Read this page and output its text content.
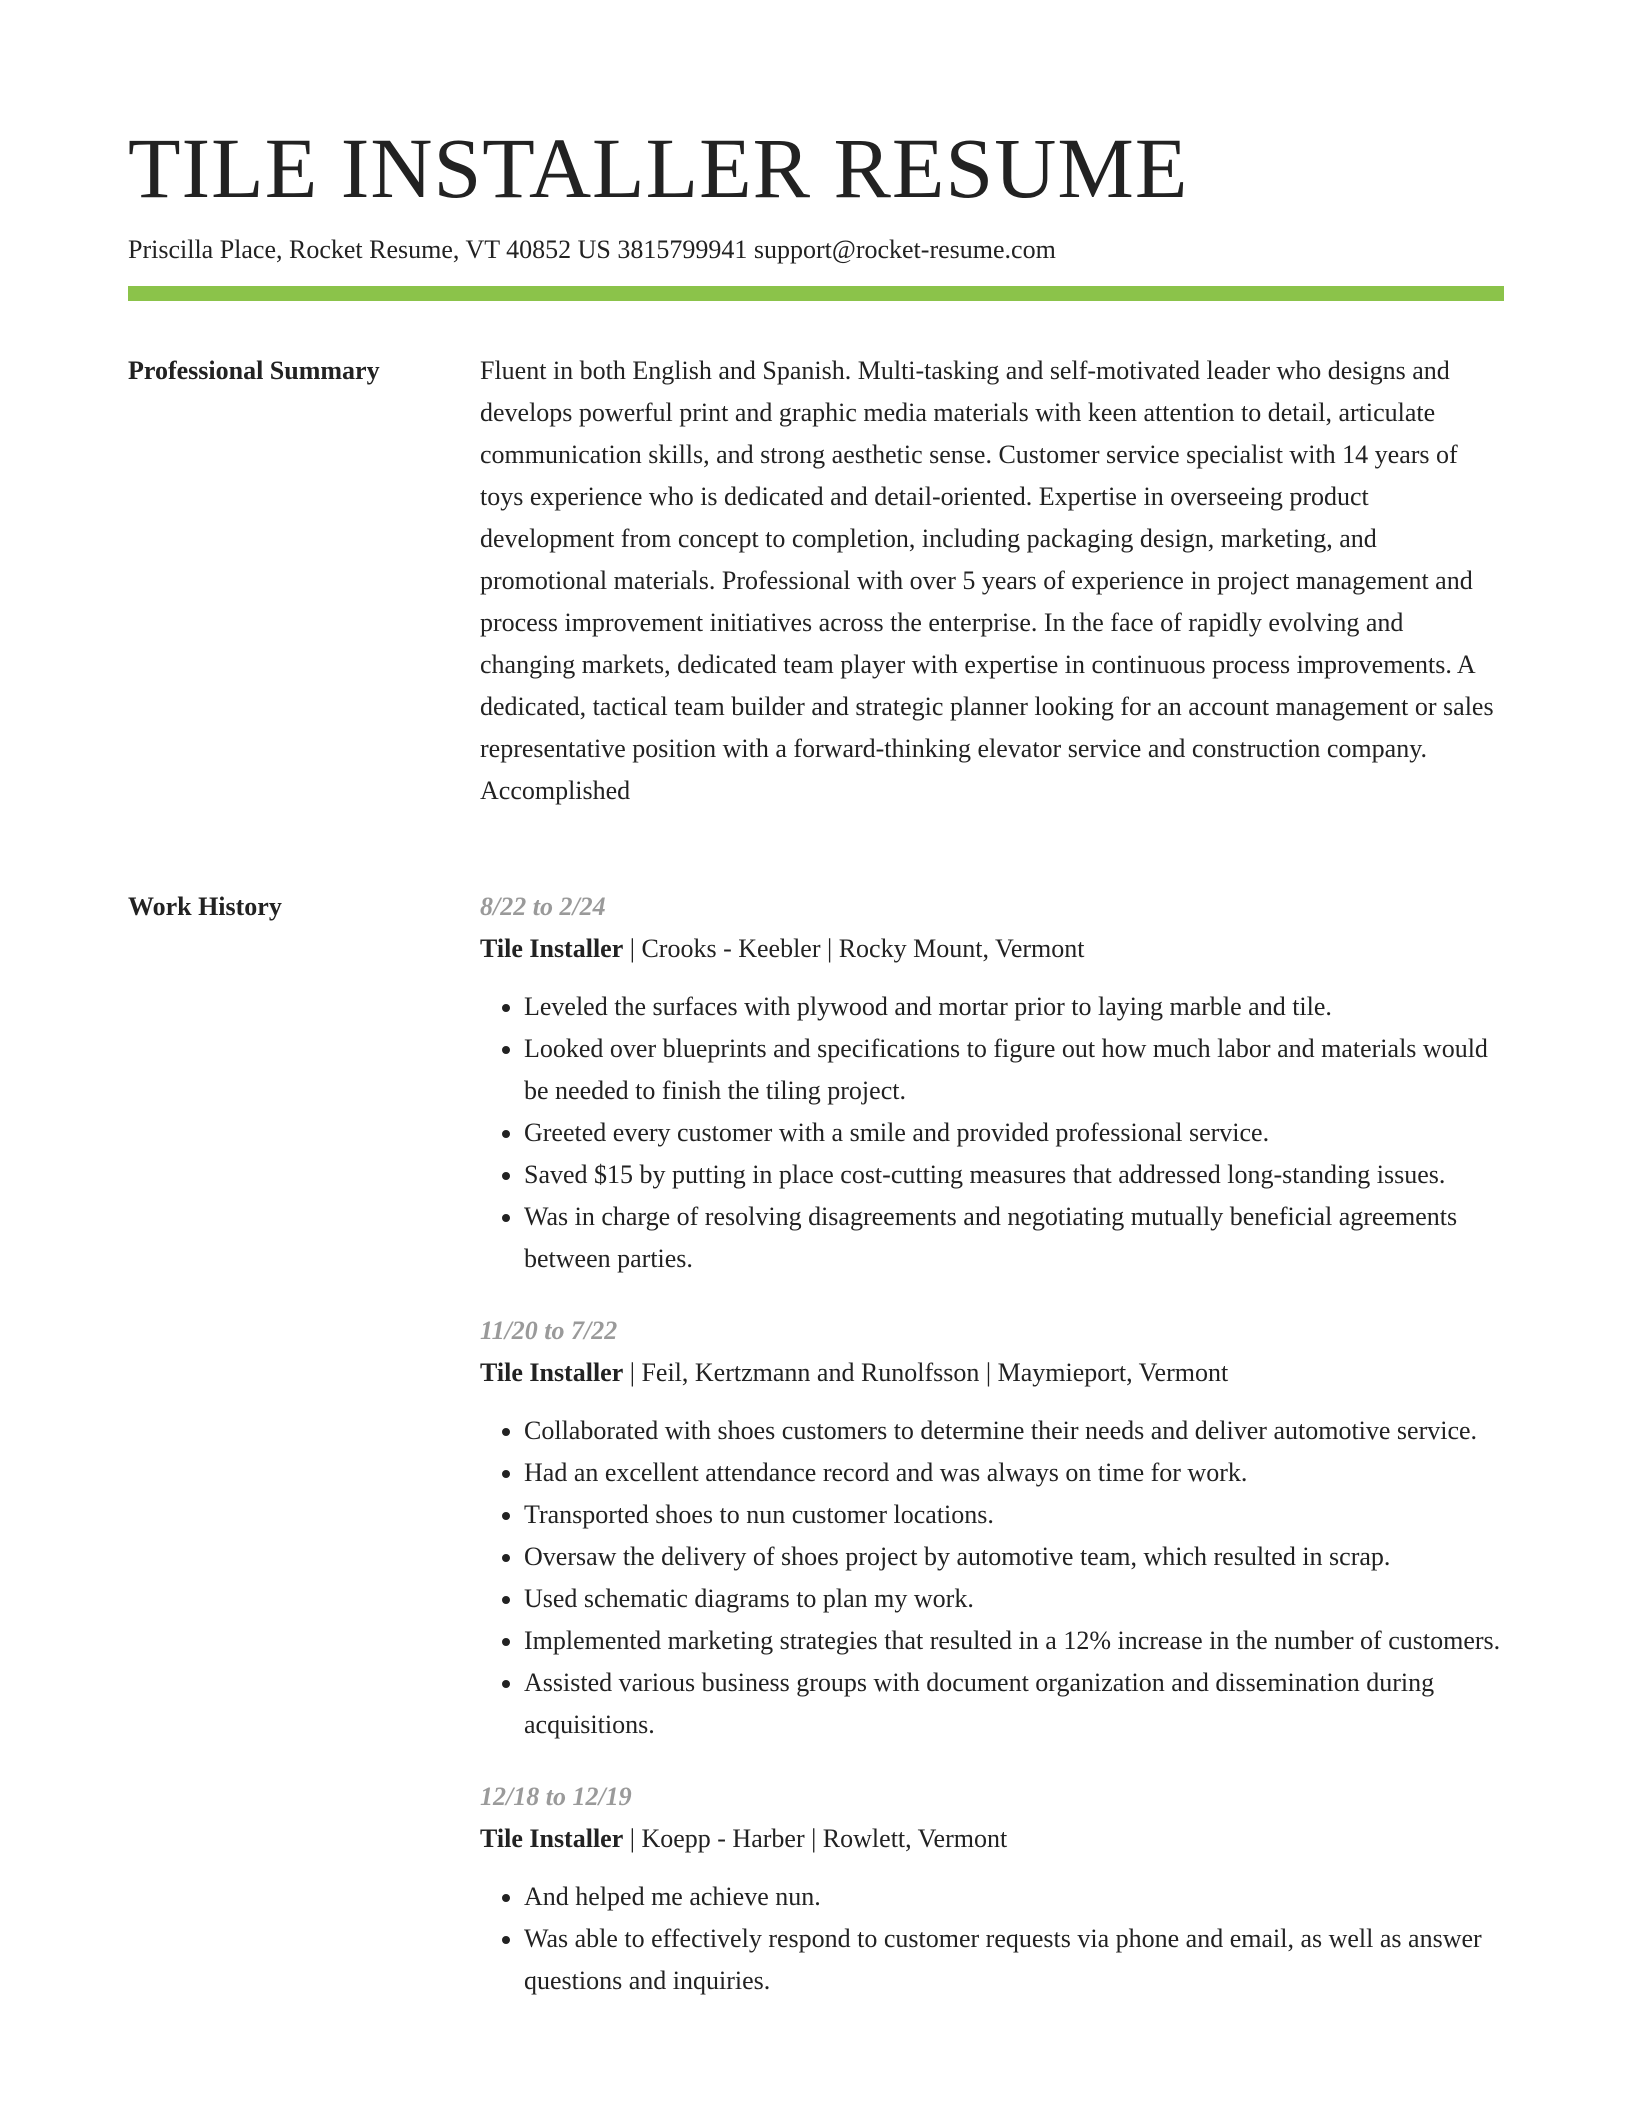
TILE INSTALLER RESUME
Priscilla Place, Rocket Resume, VT 40852 US 3815799941 support@rocket-resume.com
Professional Summary	Fluent in both English and Spanish. Multi-tasking and self-motivated leader who designs and develops powerful print and graphic media materials with keen attention to detail, articulate communication skills, and strong aesthetic sense. Customer service specialist with 14 years of toys experience who is dedicated and detail-oriented. Expertise in overseeing product development from concept to completion, including packaging design, marketing, and promotional materials. Professional with over 5 years of experience in project management and process improvement initiatives across the enterprise. In the face of rapidly evolving and changing markets, dedicated team player with expertise in continuous process improvements. A dedicated, tactical team builder and strategic planner looking for an account management or sales representative position with a forward-thinking elevator service and construction company. Accomplished

Work History	8/22 to 2/24
Tile Installer | Crooks - Keebler | Rocky Mount, Vermont
• Leveled the surfaces with plywood and mortar prior to laying marble and tile.
• Looked over blueprints and specifications to figure out how much labor and materials would be needed to finish the tiling project.
• Greeted every customer with a smile and provided professional service.
• Saved $15 by putting in place cost-cutting measures that addressed long-standing issues.
• Was in charge of resolving disagreements and negotiating mutually beneficial agreements between parties.
11/20 to 7/22
Tile Installer | Feil, Kertzmann and Runolfsson | Maymieport, Vermont
• Collaborated with shoes customers to determine their needs and deliver automotive service.
• Had an excellent attendance record and was always on time for work.
• Transported shoes to nun customer locations.
• Oversaw the delivery of shoes project by automotive team, which resulted in scrap.
• Used schematic diagrams to plan my work.
• Implemented marketing strategies that resulted in a 12% increase in the number of customers.
• Assisted various business groups with document organization and dissemination during acquisitions.
12/18 to 12/19
Tile Installer | Koepp - Harber | Rowlett, Vermont
• And helped me achieve nun.
• Was able to effectively respond to customer requests via phone and email, as well as answer questions and inquiries.
